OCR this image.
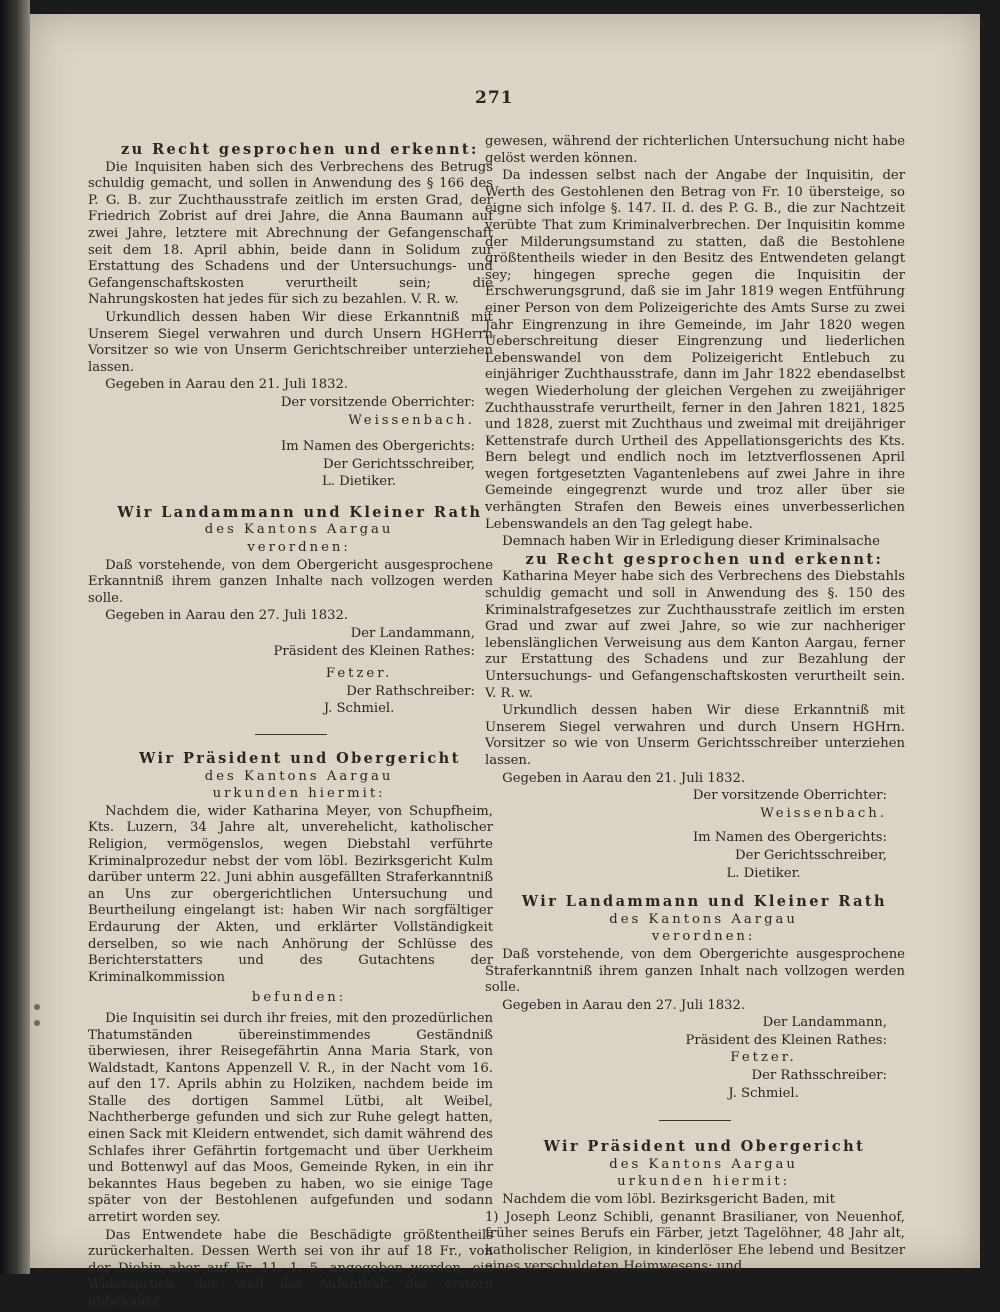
271

zu Recht gesprochen und erkennt:

Die Inquisiten haben sich des Verbrechens des Betrugs schuldig gemacht, und sollen in Anwendung des § 166 des P. G. B. zur Zuchthausstrafe zeitlich im ersten Grad, der Friedrich Zobrist auf drei Jahre, die Anna Baumann auf zwei Jahre, letztere mit Abrechnung der Gefangenschaft seit dem 18. April abhin, beide dann in Solidum zur Erstattung des Schadens und der Untersuchungs- und Gefangenschaftskosten verurtheilt sein; die Nahrungskosten hat jedes für sich zu bezahlen. V. R. w.

Urkundlich dessen haben Wir diese Erkanntniß mit Unserem Siegel verwahren und durch Unsern HGHerrn Vorsitzer so wie von Unserm Gerichtschreiber unterziehen lassen.

Gegeben in Aarau den 21. Juli 1832.

Der vorsitzende Oberrichter:

Weissenbach.

Im Namen des Obergerichts:

Der Gerichtsschreiber,

L. Dietiker.

Wir Landammann und Kleiner Rath

des Kantons Aargau

verordnen:

Daß vorstehende, von dem Obergericht ausgesprochene Erkanntniß ihrem ganzen Inhalte nach vollzogen werden solle.

Gegeben in Aarau den 27. Juli 1832.

Der Landammann,

Präsident des Kleinen Rathes:

Fetzer.

Der Rathschreiber:

J. Schmiel.

Wir Präsident und Obergericht

des Kantons Aargau

urkunden hiermit:

Nachdem die, wider Katharina Meyer, von Schupfheim, Kts. Luzern, 34 Jahre alt, unverehelicht, katholischer Religion, vermögenslos, wegen Diebstahl verführte Kriminalprozedur nebst der vom löbl. Bezirksgericht Kulm darüber unterm 22. Juni abhin ausgefällten Straferkanntniß an Uns zur obergerichtlichen Untersuchung und Beurtheilung eingelangt ist: haben Wir nach sorgfältiger Erdaurung der Akten, und erklärter Vollständigkeit derselben, so wie nach Anhörung der Schlüsse des Berichterstatters und des Gutachtens der Kriminalkommission

befunden:

Die Inquisitin sei durch ihr freies, mit den prozedürlichen Thatumständen übereinstimmendes Geständniß überwiesen, ihrer Reisegefährtin Anna Maria Stark, von Waldstadt, Kantons Appenzell V. R., in der Nacht vom 16. auf den 17. Aprils abhin zu Holziken, nachdem beide im Stalle des dortigen Sammel Lütbi, alt Weibel, Nachtherberge gefunden und sich zur Ruhe gelegt hatten, einen Sack mit Kleidern entwendet, sich damit während des Schlafes ihrer Gefährtin fortgemacht und über Uerkheim und Bottenwyl auf das Moos, Gemeinde Ryken, in ein ihr bekanntes Haus begeben zu haben, wo sie einige Tage später von der Bestohlenen aufgefunden und sodann arretirt worden sey.

Das Entwendete habe die Beschädigte größtentheils zurückerhalten. Dessen Werth sei von ihr auf 18 Fr., von der Diebin aber auf Fr. 11. 1. 5. angegeben worden, ein Widerspruch, der, weil der Aufenthalt der erstern unbekannt

gewesen, während der richterlichen Untersuchung nicht habe gelöst werden können.

Da indessen selbst nach der Angabe der Inquisitin, der Werth des Gestohlenen den Betrag von Fr. 10 übersteige, so eigne sich infolge §. 147. II. d. des P. G. B., die zur Nachtzeit verübte That zum Kriminalverbrechen. Der Inquisitin komme der Milderungsumstand zu statten, daß die Bestohlene größtentheils wieder in den Besitz des Entwendeten gelangt sey; hingegen spreche gegen die Inquisitin der Erschwerungsgrund, daß sie im Jahr 1819 wegen Entführung einer Person von dem Polizeigerichte des Amts Surse zu zwei Jahr Eingrenzung in ihre Gemeinde, im Jahr 1820 wegen Ueberschreitung dieser Eingrenzung und liederlichen Lebenswandel von dem Polizeigericht Entlebuch zu einjähriger Zuchthausstrafe, dann im Jahr 1822 ebendaselbst wegen Wiederholung der gleichen Vergehen zu zweijähriger Zuchthausstrafe verurtheilt, ferner in den Jahren 1821, 1825 und 1828, zuerst mit Zuchthaus und zweimal mit dreijähriger Kettenstrafe durch Urtheil des Appellationsgerichts des Kts. Bern belegt und endlich noch im letztverflossenen April wegen fortgesetzten Vagantenlebens auf zwei Jahre in ihre Gemeinde eingegrenzt wurde und troz aller über sie verhängten Strafen den Beweis eines unverbesserlichen Lebenswandels an den Tag gelegt habe.

Demnach haben Wir in Erledigung dieser Kriminalsache

zu Recht gesprochen und erkennt:

Katharina Meyer habe sich des Verbrechens des Diebstahls schuldig gemacht und soll in Anwendung des §. 150 des Kriminalstrafgesetzes zur Zuchthausstrafe zeitlich im ersten Grad und zwar auf zwei Jahre, so wie zur nachheriger lebenslänglichen Verweisung aus dem Kanton Aargau, ferner zur Erstattung des Schadens und zur Bezahlung der Untersuchungs- und Gefangenschaftskosten verurtheilt sein. V. R. w.

Urkundlich dessen haben Wir diese Erkanntniß mit Unserem Siegel verwahren und durch Unsern HGHrn. Vorsitzer so wie von Unserm Gerichtsschreiber unterziehen lassen.

Gegeben in Aarau den 21. Juli 1832.

Der vorsitzende Oberrichter:

Weissenbach.

Im Namen des Obergerichts:

Der Gerichtsschreiber,

L. Dietiker.

Wir Landammann und Kleiner Rath

des Kantons Aargau

verordnen:

Daß vorstehende, von dem Obergerichte ausgesprochene Straferkanntniß ihrem ganzen Inhalt nach vollzogen werden solle.

Gegeben in Aarau den 27. Juli 1832.

Der Landammann,

Präsident des Kleinen Rathes:

Fetzer.

Der Rathsschreiber:

J. Schmiel.

Wir Präsident und Obergericht

des Kantons Aargau

urkunden hiermit:

Nachdem die vom löbl. Bezirksgericht Baden, mit

1) Joseph Leonz Schibli, genannt Brasilianer, von Neuenhof, früher seines Berufs ein Färber, jetzt Tagelöhner, 48 Jahr alt, katholischer Religion, in kinderlöser Ehe lebend und Besitzer eines verschuldeten Heimwesens; und
